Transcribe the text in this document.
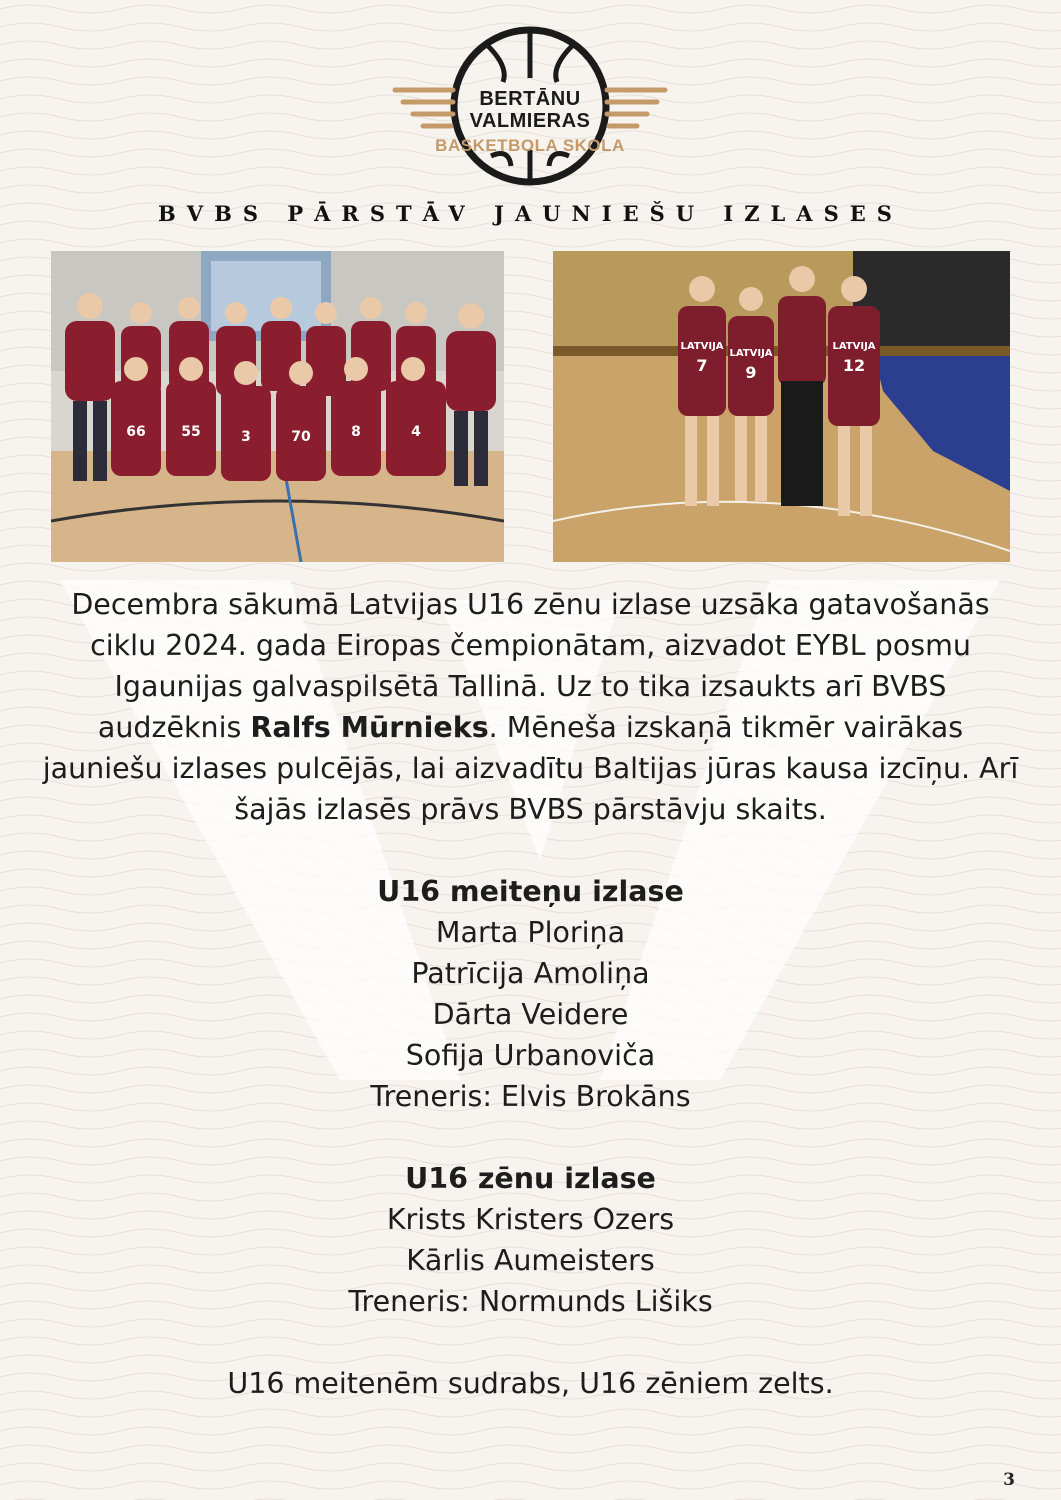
BERTĀNU
VALMIERAS
BASKETBOLA SKOLA
BVBS PĀRSTĀV JAUNIEŠU IZLASES
66	55	3	70	8	4
LATVIJA
7
LATVIJA
9
LATVIJA
12

Decembra sākumā Latvijas U16 zēnu izlase uzsāka gatavošanās ciklu 2024. gada Eiropas čempionātam, aizvadot EYBL posmu Igaunijas galvaspilsētā Tallinā. Uz to tika izsaukts arī BVBS audzēknis Ralfs Mūrnieks. Mēneša izskaņā tikmēr vairākas jauniešu izlases pulcējās, lai aizvadītu Baltijas jūras kausa izcīņu. Arī šajās izlasēs prāvs BVBS pārstāvju skaits.

U16 meiteņu izlase

Marta Ploriņa

Patrīcija Amoliņa

Dārta Veidere

Sofija Urbanoviča

Treneris: Elvis Brokāns

U16 zēnu izlase

Krists Kristers Ozers

Kārlis Aumeisters

Treneris: Normunds Lišiks

U16 meitenēm sudrabs, U16 zēniem zelts.

3
